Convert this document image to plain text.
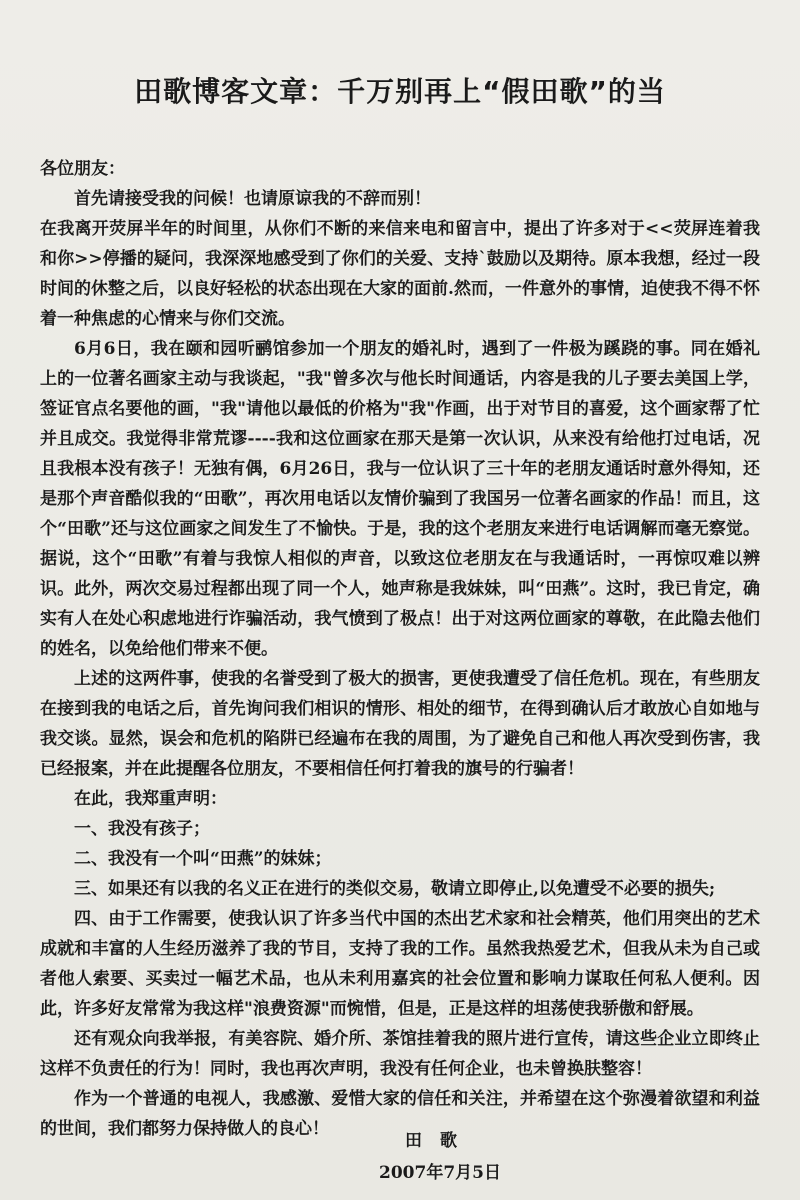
田歌博客文章：千万别再上“假田歌”的当

各位朋友：

首先请接受我的问候！也请原谅我的不辞而别！

在我离开荧屏半年的时间里，从你们不断的来信来电和留言中，提出了许多对于<<荧屏连着我和你>>停播的疑问，我深深地感受到了你们的关爱、支持`鼓励以及期待。原本我想，经过一段时间的休整之后，以良好轻松的状态出现在大家的面前.然而，一件意外的事情，迫使我不得不怀着一种焦虑的心情来与你们交流。

6月6日，我在颐和园听鹂馆参加一个朋友的婚礼时，遇到了一件极为蹊跷的事。同在婚礼上的一位著名画家主动与我谈起，"我"曾多次与他长时间通话，内容是我的儿子要去美国上学，签证官点名要他的画，"我"请他以最低的价格为"我"作画，出于对节目的喜爱，这个画家帮了忙并且成交。我觉得非常荒谬----我和这位画家在那天是第一次认识，从来没有给他打过电话，况且我根本没有孩子！无独有偶，6月26日，我与一位认识了三十年的老朋友通话时意外得知，还是那个声音酷似我的“田歌”，再次用电话以友情价骗到了我国另一位著名画家的作品！而且，这个“田歌”还与这位画家之间发生了不愉快。于是，我的这个老朋友来进行电话调解而毫无察觉。据说，这个“田歌”有着与我惊人相似的声音，以致这位老朋友在与我通话时，一再惊叹难以辨识。此外，两次交易过程都出现了同一个人，她声称是我妹妹，叫“田燕”。这时，我已肯定，确实有人在处心积虑地进行诈骗活动，我气愤到了极点！出于对这两位画家的尊敬，在此隐去他们的姓名，以免给他们带来不便。

上述的这两件事，使我的名誉受到了极大的损害，更使我遭受了信任危机。现在，有些朋友在接到我的电话之后，首先询问我们相识的情形、相处的细节，在得到确认后才敢放心自如地与我交谈。显然，误会和危机的陷阱已经遍布在我的周围，为了避免自己和他人再次受到伤害，我已经报案，并在此提醒各位朋友，不要相信任何打着我的旗号的行骗者！

在此，我郑重声明：

一、我没有孩子；

二、我没有一个叫“田燕”的妹妹；

三、如果还有以我的名义正在进行的类似交易，敬请立即停止,以免遭受不必要的损失;

四、由于工作需要，使我认识了许多当代中国的杰出艺术家和社会精英，他们用突出的艺术成就和丰富的人生经历滋养了我的节目，支持了我的工作。虽然我热爱艺术，但我从未为自己或者他人索要、买卖过一幅艺术品，也从未利用嘉宾的社会位置和影响力谋取任何私人便利。因此，许多好友常常为我这样"浪费资源"而惋惜，但是，正是这样的坦荡使我骄傲和舒展。

还有观众向我举报，有美容院、婚介所、茶馆挂着我的照片进行宣传，请这些企业立即终止这样不负责任的行为！同时，我也再次声明，我没有任何企业，也未曾换肤整容！

作为一个普通的电视人，我感激、爱惜大家的信任和关注，并希望在这个弥漫着欲望和利益的世间，我们都努力保持做人的良心！

田歌
2007年7月5日
